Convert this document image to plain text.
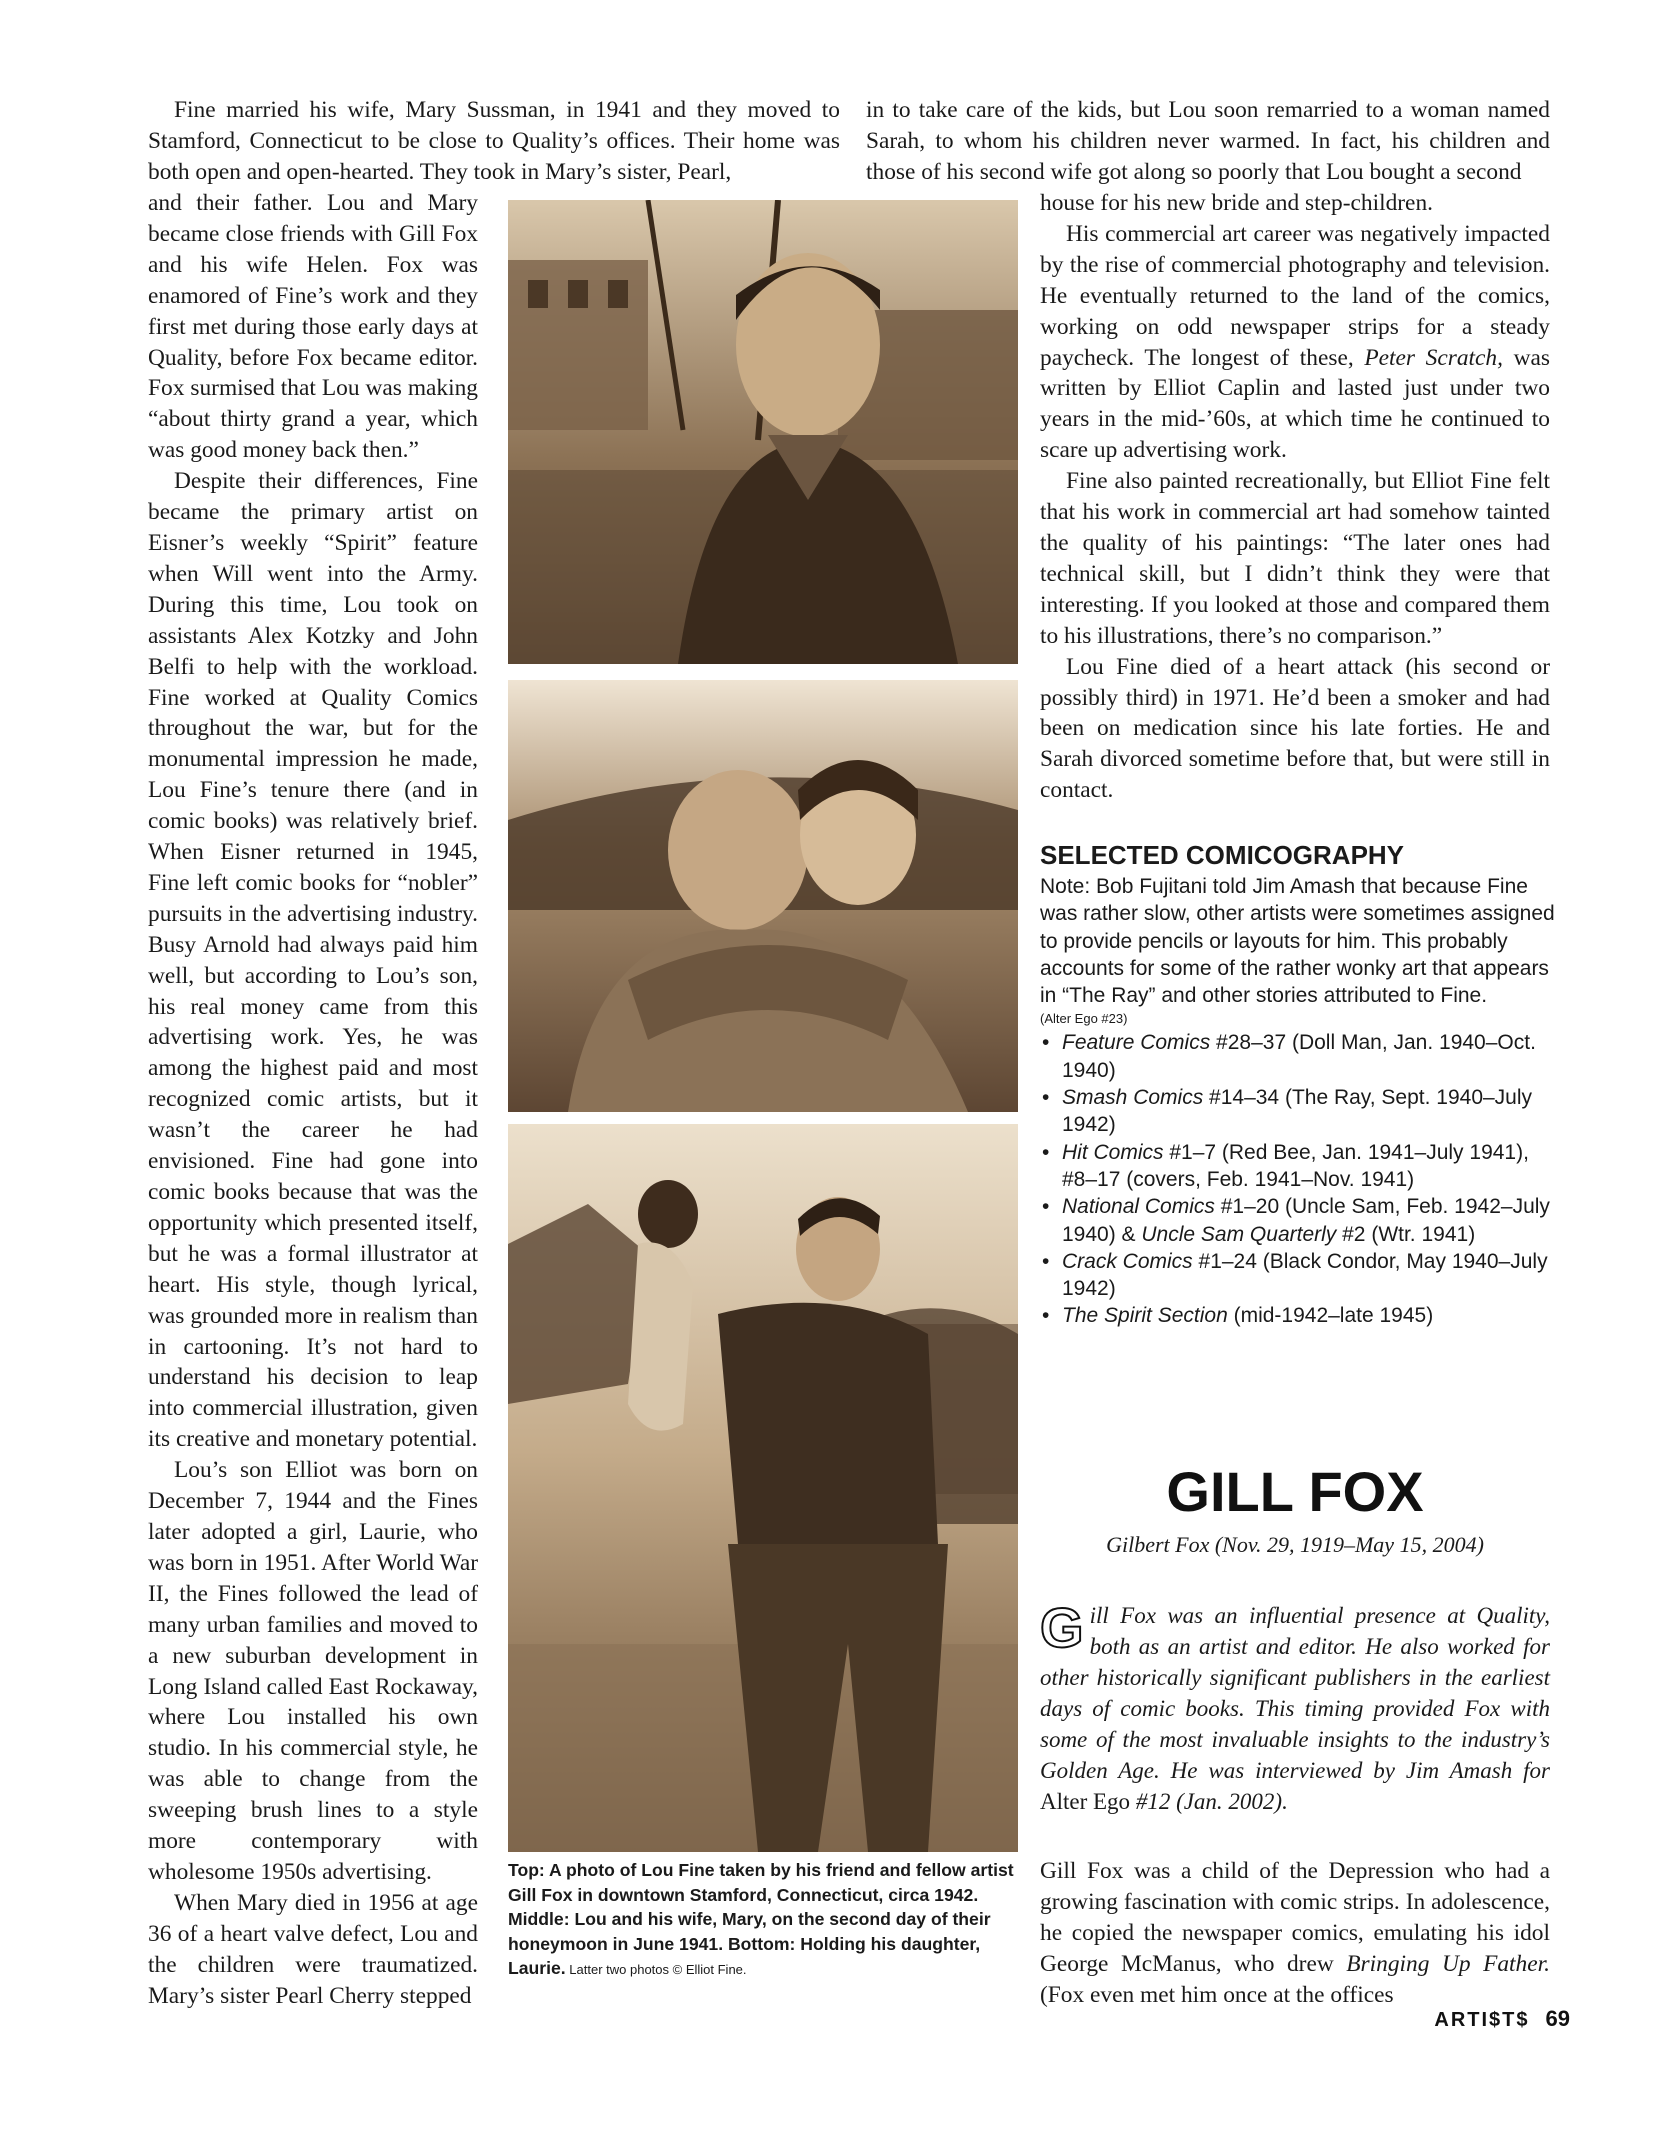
Fine married his wife, Mary Sussman, in 1941 and they moved to Stamford, Connecticut to be close to Quality’s offices. Their home was both open and open-hearted. They took in Mary’s sister, Pearl,

in to take care of the kids, but Lou soon remarried to a woman named Sarah, to whom his children never warmed. In fact, his children and those of his second wife got along so poorly that Lou bought a second

and their father. Lou and Mary became close friends with Gill Fox and his wife Helen. Fox was enamored of Fine’s work and they first met during those early days at Quality, before Fox became editor. Fox surmised that Lou was making “about thirty grand a year, which was good money back then.”

Despite their differences, Fine became the primary artist on Eisner’s weekly “Spirit” feature when Will went into the Army. During this time, Lou took on assistants Alex Kotzky and John Belfi to help with the workload. Fine worked at Quality Comics throughout the war, but for the monumental impression he made, Lou Fine’s tenure there (and in comic books) was relatively brief. When Eisner returned in 1945, Fine left comic books for “nobler” pursuits in the advertising industry. Busy Arnold had always paid him well, but according to Lou’s son, his real money came from this advertising work. Yes, he was among the highest paid and most recognized comic artists, but it wasn’t the career he had envisioned. Fine had gone into comic books because that was the opportunity which presented itself, but he was a formal illustrator at heart. His style, though lyrical, was grounded more in realism than in cartooning. It’s not hard to understand his decision to leap into commercial illustration, given its creative and monetary potential.

Lou’s son Elliot was born on December 7, 1944 and the Fines later adopted a girl, Laurie, who was born in 1951. After World War II, the Fines followed the lead of many urban families and moved to a new suburban development in Long Island called East Rockaway, where Lou installed his own studio. In his commercial style, he was able to change from the sweeping brush lines to a style more contemporary with wholesome 1950s advertising.

When Mary died in 1956 at age 36 of a heart valve defect, Lou and the children were traumatized. Mary’s sister Pearl Cherry stepped

Top: A photo of Lou Fine taken by his friend and fellow artist Gill Fox in downtown Stamford, Connecticut, circa 1942. Middle: Lou and his wife, Mary, on the second day of their honeymoon in June 1941. Bottom: Holding his daughter, Laurie. Latter two photos © Elliot Fine.

house for his new bride and step-children.

His commercial art career was negatively impacted by the rise of commercial photography and television. He eventually returned to the land of the comics, working on odd newspaper strips for a steady paycheck. The longest of these, Peter Scratch, was written by Elliot Caplin and lasted just under two years in the mid-’60s, at which time he continued to scare up advertising work.

Fine also painted recreationally, but Elliot Fine felt that his work in commercial art had somehow tainted the quality of his paintings: “The later ones had technical skill, but I didn’t think they were that interesting. If you looked at those and compared them to his illustrations, there’s no comparison.”

Lou Fine died of a heart attack (his second or possibly third) in 1971. He’d been a smoker and had been on medication since his late forties. He and Sarah divorced sometime before that, but were still in contact.

SELECTED COMICOGRAPHY
Note: Bob Fujitani told Jim Amash that because Fine was rather slow, other artists were sometimes assigned to provide pencils or layouts for him. This probably accounts for some of the rather wonky art that appears in “The Ray” and other stories attributed to Fine.
(Alter Ego #23)
• Feature Comics #28–37 (Doll Man, Jan. 1940–Oct. 1940)
• Smash Comics #14–34 (The Ray, Sept. 1940–July 1942)
• Hit Comics #1–7 (Red Bee, Jan. 1941–July 1941), #8–17 (covers, Feb. 1941–Nov. 1941)
• National Comics #1–20 (Uncle Sam, Feb. 1942–July 1940) & Uncle Sam Quarterly #2 (Wtr. 1941)
• Crack Comics #1–24 (Black Condor, May 1940–July 1942)
• The Spirit Section (mid-1942–late 1945)
GILL FOX
Gilbert Fox (Nov. 29, 1919–May 15, 2004)
Gill Fox was an influential presence at Quality, both as an artist and editor. He also worked for other historically significant publishers in the earliest days of comic books. This timing provided Fox with some of the most invaluable insights to the industry’s Golden Age. He was interviewed by Jim Amash for Alter Ego #12 (Jan. 2002).

Gill Fox was a child of the Depression who had a growing fascination with comic strips. In adolescence, he copied the newspaper comics, emulating his idol George McManus, who drew Bringing Up Father. (Fox even met him once at the offices

ARTI$T$ 69
